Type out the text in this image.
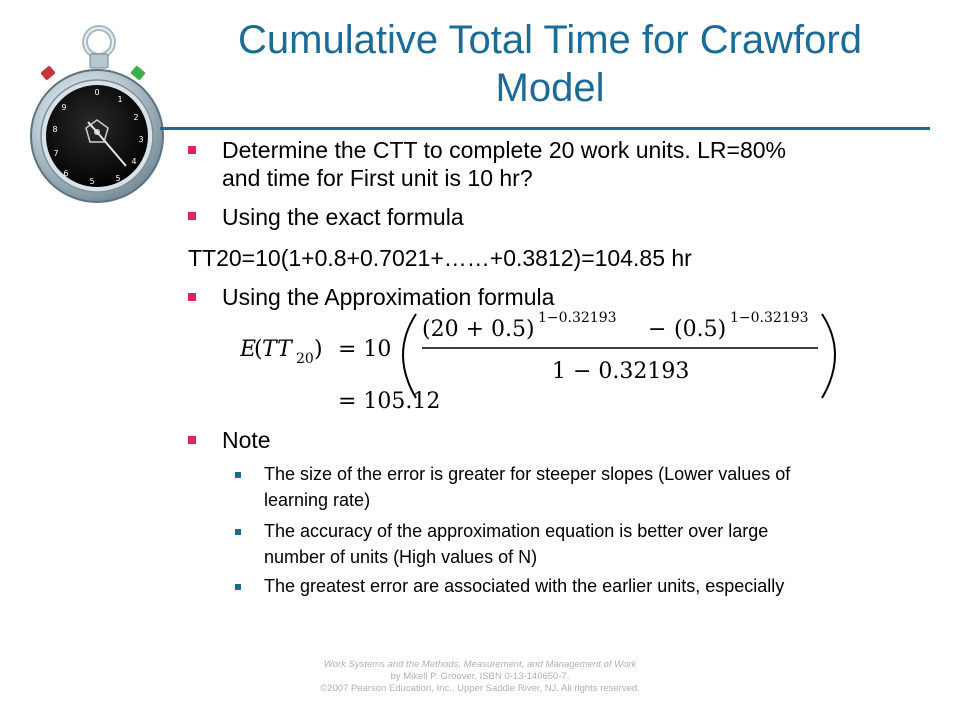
0
1
2
3
4
5
5
6
7
8
9
Cumulative Total Time for Crawford
Model
Determine the CTT to complete 20 work units. LR=80%
and time for First unit is 10 hr?
Using the exact formula
TT20=10(1+0.8+0.7021+……+0.3812)=104.85 hr
Using the Approximation formula
E
( TT 20 ) = 10
(20 + 0.5) 1−0.32193 − (0.5) 1−0.32193
1 − 0.32193
= 105.12
Note
The size of the error is greater for steeper slopes (Lower values of
learning rate)
The accuracy of the approximation equation is better over large
number of units (High values of N)
The greatest error are associated with the earlier units, especially
Work Systems and the Methods, Measurement, and Management of Work
by Mikell P. Groover, ISBN 0-13-140650-7.
©2007 Pearson Education, Inc., Upper Saddle River, NJ. All rights reserved.
